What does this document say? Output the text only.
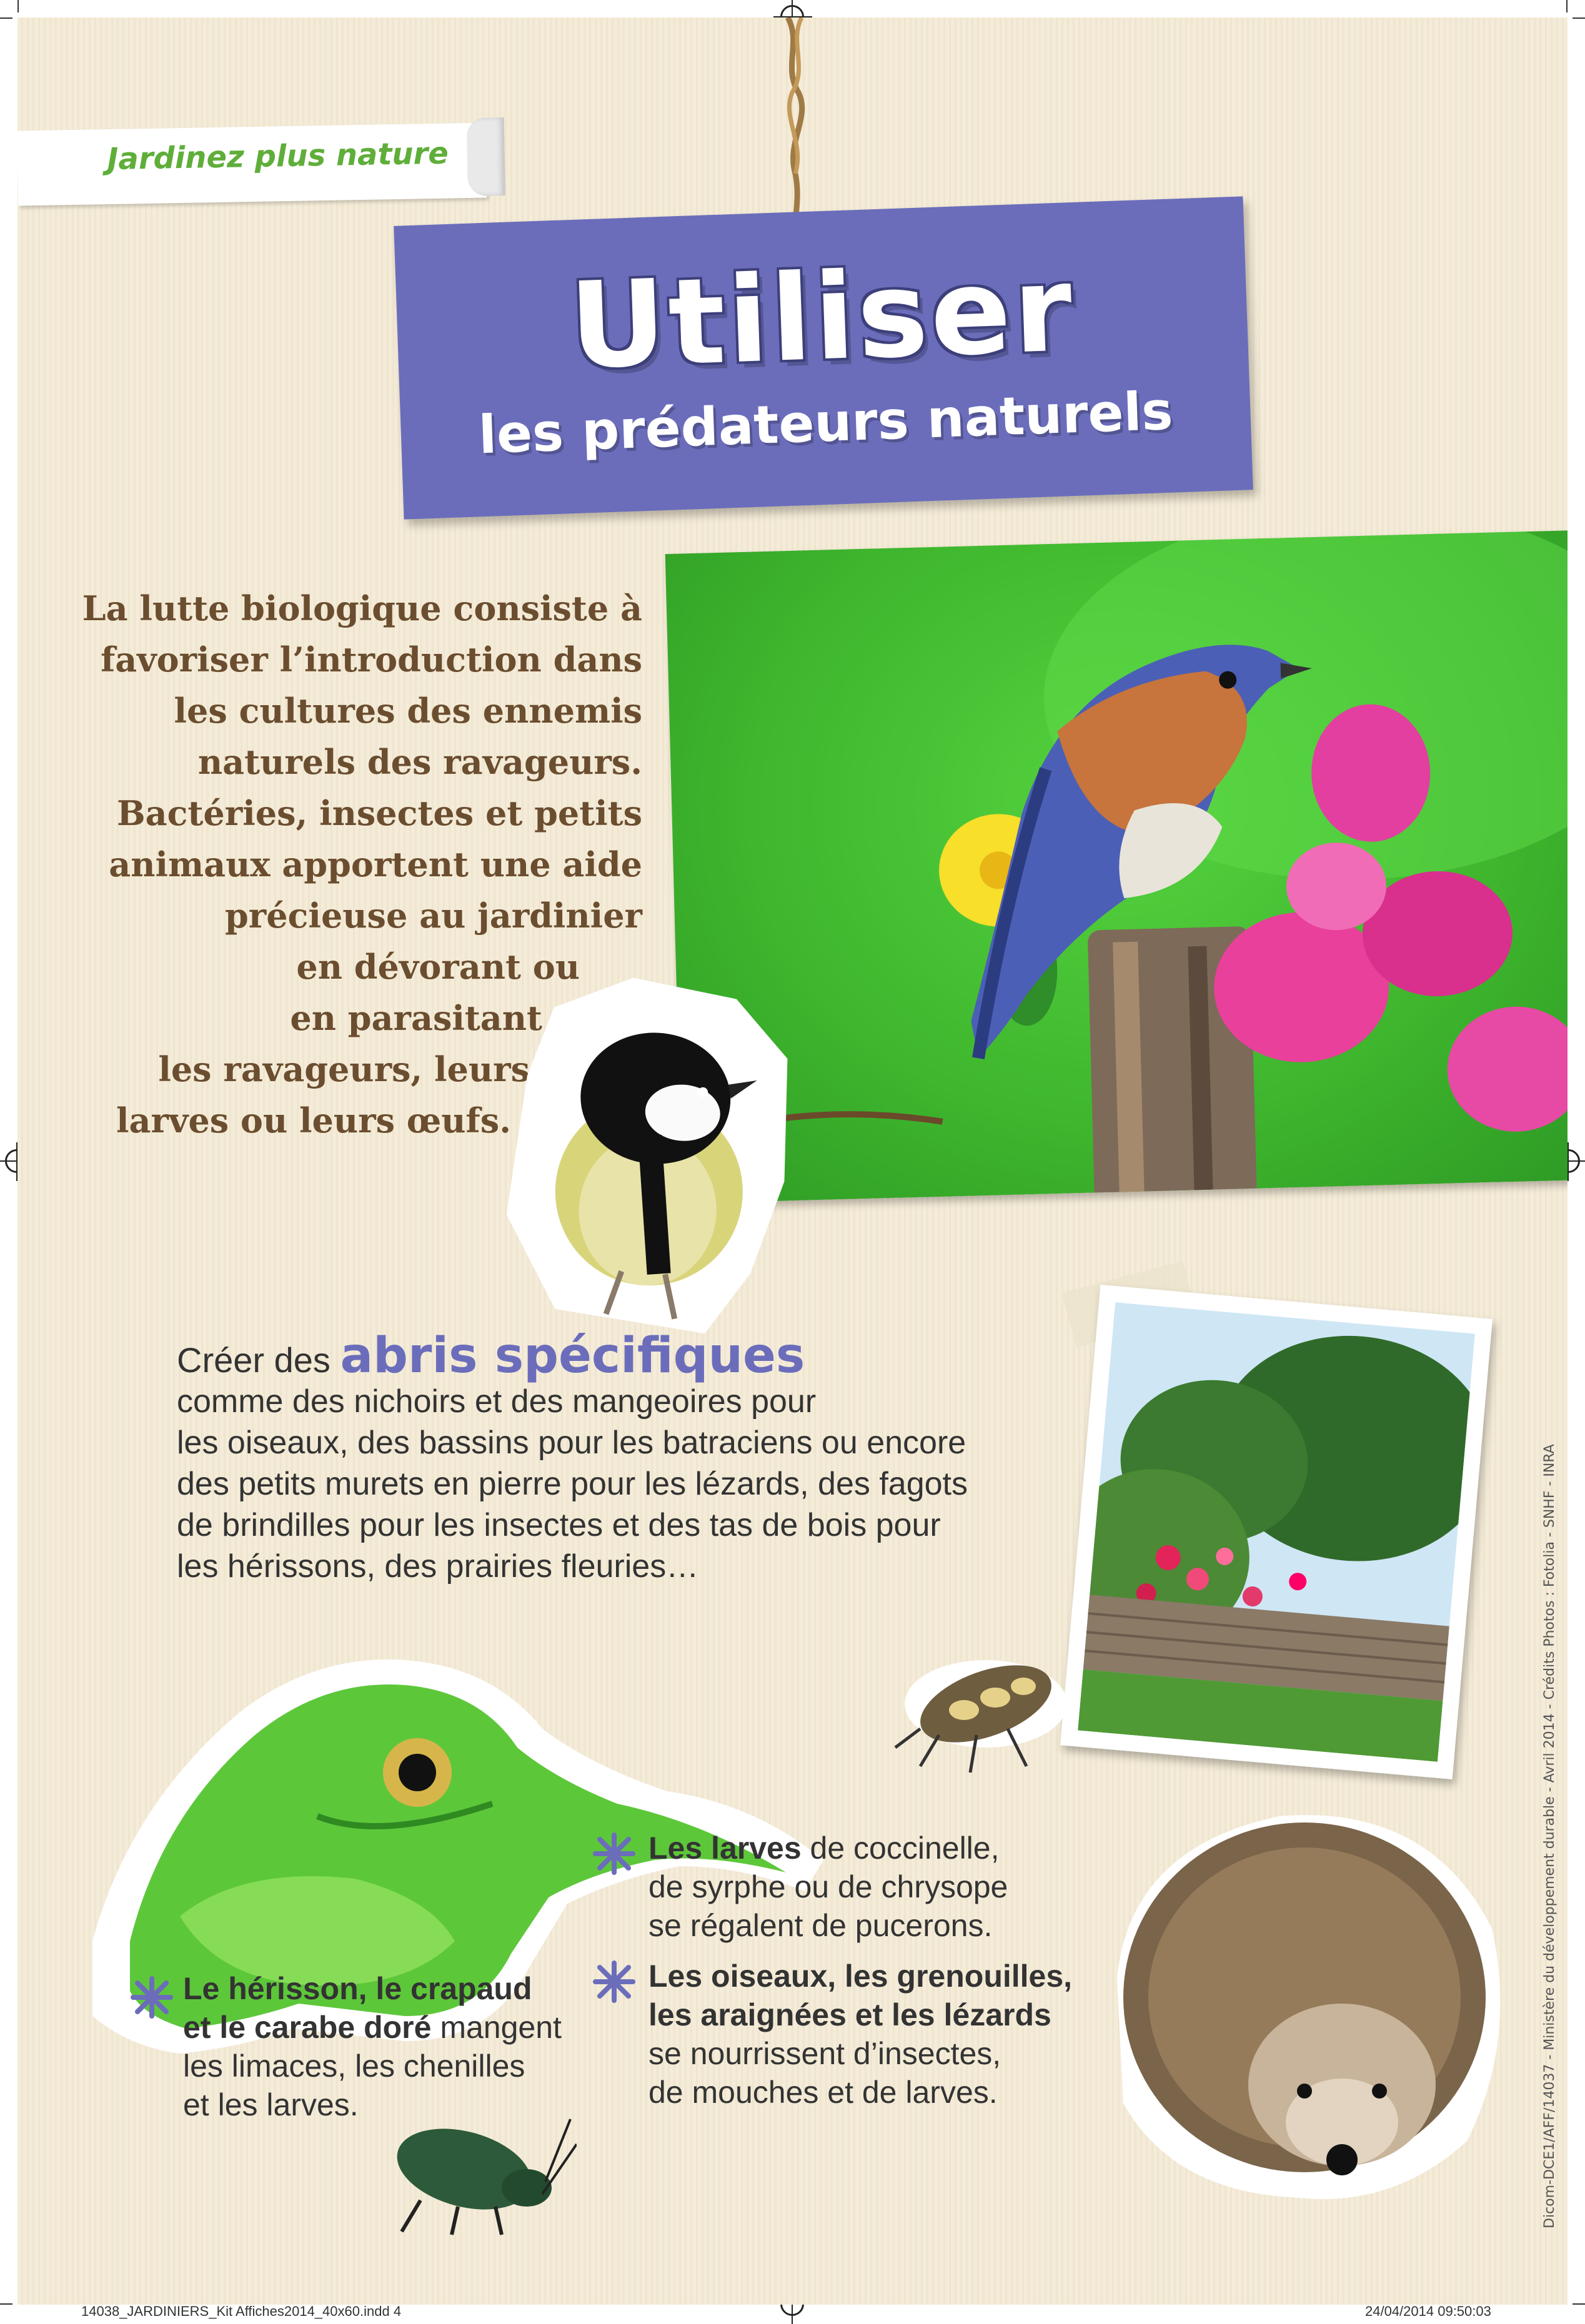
Jardinez plus nature
Utiliser
les prédateurs naturels
La lutte biologique consiste à
favoriser l’introduction dans
les cultures des ennemis
naturels des ravageurs.
Bactéries, insectes et petits
animaux apportent une aide
précieuse au jardinier
en dévorant ou
en parasitant
les ravageurs, leurs
larves ou leurs œufs.
Créer des abris spécifiques
comme des nichoirs et des mangeoires pour
les oiseaux, des bassins pour les batraciens ou encore
des petits murets en pierre pour les lézards, des fagots
de brindilles pour les insectes et des tas de bois pour
les hérissons, des prairies fleuries…
Les larves de coccinelle,
de syrphe ou de chrysope
se régalent de pucerons.
Le hérisson, le crapaud
et le carabe doré mangent
les limaces, les chenilles
et les larves.
Les oiseaux, les grenouilles,
les araignées et les lézards
se nourrissent d’insectes,
de mouches et de larves.	Dicom-DCE1/AFF/14037 - Ministère du développement durable - Avril 2014 - Crédits Photos : Fotolia - SNHF - INRA
14038_JARDINIERS_Kit Affiches2014_40x60.indd 4	24/04/2014 09:50:03
